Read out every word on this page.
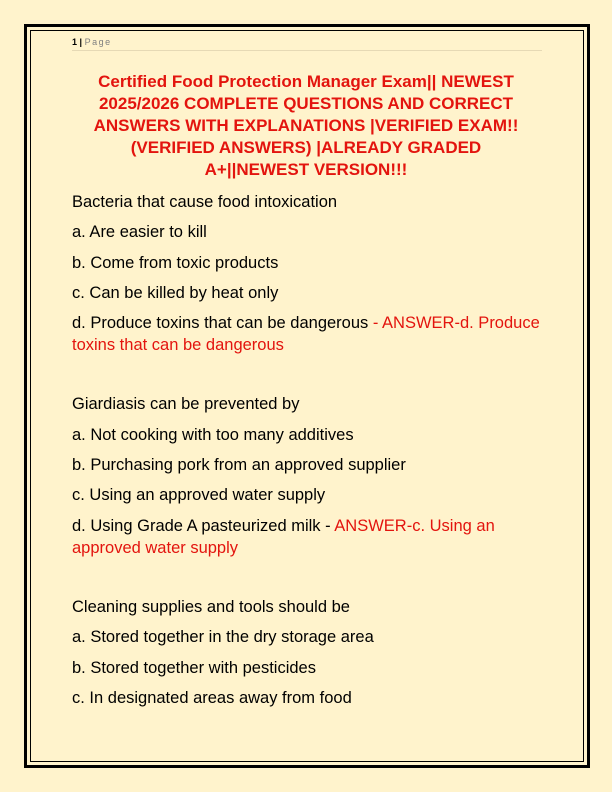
1 | Page
Certified Food Protection Manager Exam|| NEWEST
2025/2026 COMPLETE QUESTIONS AND CORRECT
ANSWERS WITH EXPLANATIONS |VERIFIED EXAM!!
(VERIFIED ANSWERS) |ALREADY GRADED
A+||NEWEST VERSION!!!
Bacteria that cause food intoxication
a. Are easier to kill
b. Come from toxic products
c. Can be killed by heat only
d. Produce toxins that can be dangerous - ANSWER-d. Produce toxins that can be dangerous
Giardiasis can be prevented by
a. Not cooking with too many additives
b. Purchasing pork from an approved supplier
c. Using an approved water supply
d. Using Grade A pasteurized milk - ANSWER-c. Using an approved water supply
Cleaning supplies and tools should be
a. Stored together in the dry storage area
b. Stored together with pesticides
c. In designated areas away from food
